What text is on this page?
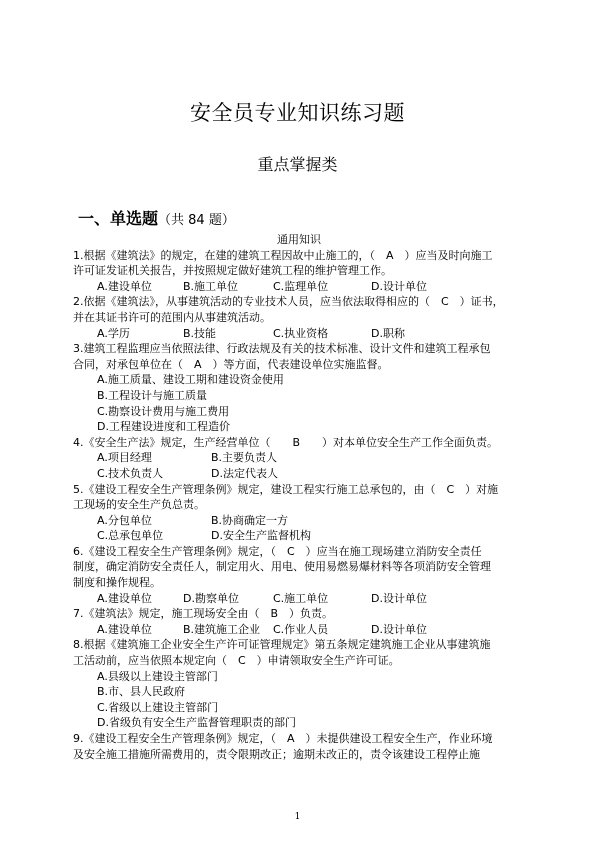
安全员专业知识练习题
重点掌握类
一、单选题（共 84 题）

通用知识

1.根据《建筑法》的规定，在建的建筑工程因故中止施工的，（　A　）应当及时向施工

许可证发证机关报告，并按照规定做好建筑工程的维护管理工作。

A.建设单位	B.施工单位	C.监理单位	D.设计单位

2.依据《建筑法》，从事建筑活动的专业技术人员，应当依法取得相应的（　C　）证书，

并在其证书许可的范围内从事建筑活动。

A.学历	B.技能	C.执业资格	D.职称

3.建筑工程监理应当依照法律、行政法规及有关的技术标准、设计文件和建筑工程承包

合同，对承包单位在（　A　）等方面，代表建设单位实施监督。

A.施工质量、建设工期和建设资金使用

B.工程设计与施工质量

C.勘察设计费用与施工费用

D.工程建设进度和工程造价

4.《安全生产法》规定，生产经营单位（　　B　　）对本单位安全生产工作全面负责。

A.项目经理	B.主要负责人

C.技术负责人	D.法定代表人

5.《建设工程安全生产管理条例》规定，建设工程实行施工总承包的，由（　C　）对施

工现场的安全生产负总责。

A.分包单位	B.协商确定一方

C.总承包单位	D.安全生产监督机构

6.《建设工程安全生产管理条例》规定，（　C　）应当在施工现场建立消防安全责任

制度，确定消防安全责任人，制定用火、用电、使用易燃易爆材料等各项消防安全管理

制度和操作规程。

A.建设单位	D.勘察单位	C.施工单位	D.设计单位

7.《建筑法》规定，施工现场安全由（　B　）负责。

A.建设单位	B.建筑施工企业 C.作业人员	D.设计单位

8.根据《建筑施工企业安全生产许可证管理规定》第五条规定建筑施工企业从事建筑施

工活动前，应当依照本规定向（　C　）申请领取安全生产许可证。

A.县级以上建设主管部门

B.市、县人民政府

C.省级以上建设主管部门

D.省级负有安全生产监督管理职责的部门

9.《建设工程安全生产管理条例》规定，（　A　）未提供建设工程安全生产，作业环境

及安全施工措施所需费用的，责令限期改正；逾期未改正的，责令该建设工程停止施

1
